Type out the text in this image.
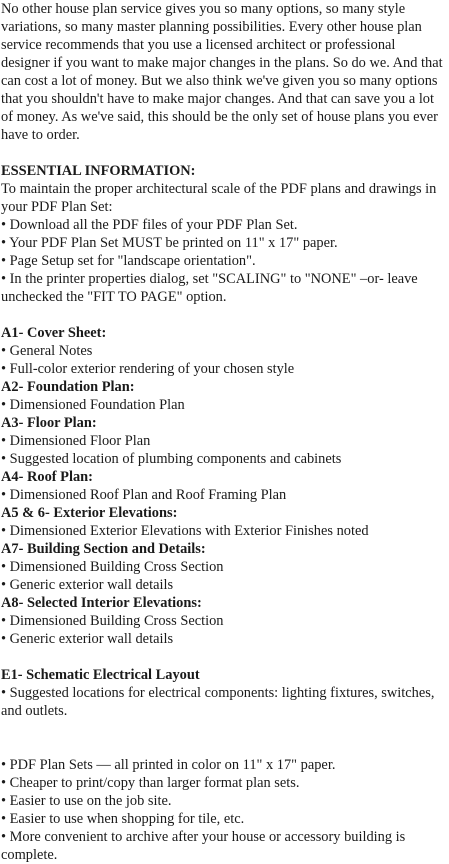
No other house plan service gives you so many options, so many style variations, so many master planning possibilities. Every other house plan service recommends that you use a licensed architect or professional designer if you want to make major changes in the plans. So do we. And that can cost a lot of money. But we also think we've given you so many options that you shouldn't have to make major changes. And that can save you a lot of money. As we've said, this should be the only set of house plans you ever have to order.

ESSENTIAL INFORMATION:

To maintain the proper architectural scale of the PDF plans and drawings in your PDF Plan Set:

• Download all the PDF files of your PDF Plan Set.

• Your PDF Plan Set MUST be printed on 11" x 17" paper.

• Page Setup set for "landscape orientation".

• In the printer properties dialog, set "SCALING" to "NONE" –or- leave unchecked the "FIT TO PAGE" option.

A1- Cover Sheet:

• General Notes

• Full-color exterior rendering of your chosen style

A2- Foundation Plan:

• Dimensioned Foundation Plan

A3- Floor Plan:

• Dimensioned Floor Plan

• Suggested location of plumbing components and cabinets

A4- Roof Plan:

• Dimensioned Roof Plan and Roof Framing Plan

A5 & 6- Exterior Elevations:

• Dimensioned Exterior Elevations with Exterior Finishes noted

A7- Building Section and Details:

• Dimensioned Building Cross Section

• Generic exterior wall details

A8- Selected Interior Elevations:

• Dimensioned Building Cross Section

• Generic exterior wall details

E1- Schematic Electrical Layout

• Suggested locations for electrical components: lighting fixtures, switches, and outlets.

• PDF Plan Sets — all printed in color on 11" x 17" paper.

• Cheaper to print/copy than larger format plan sets.

• Easier to use on the job site.

• Easier to use when shopping for tile, etc.

• More convenient to archive after your house or accessory building is complete.
